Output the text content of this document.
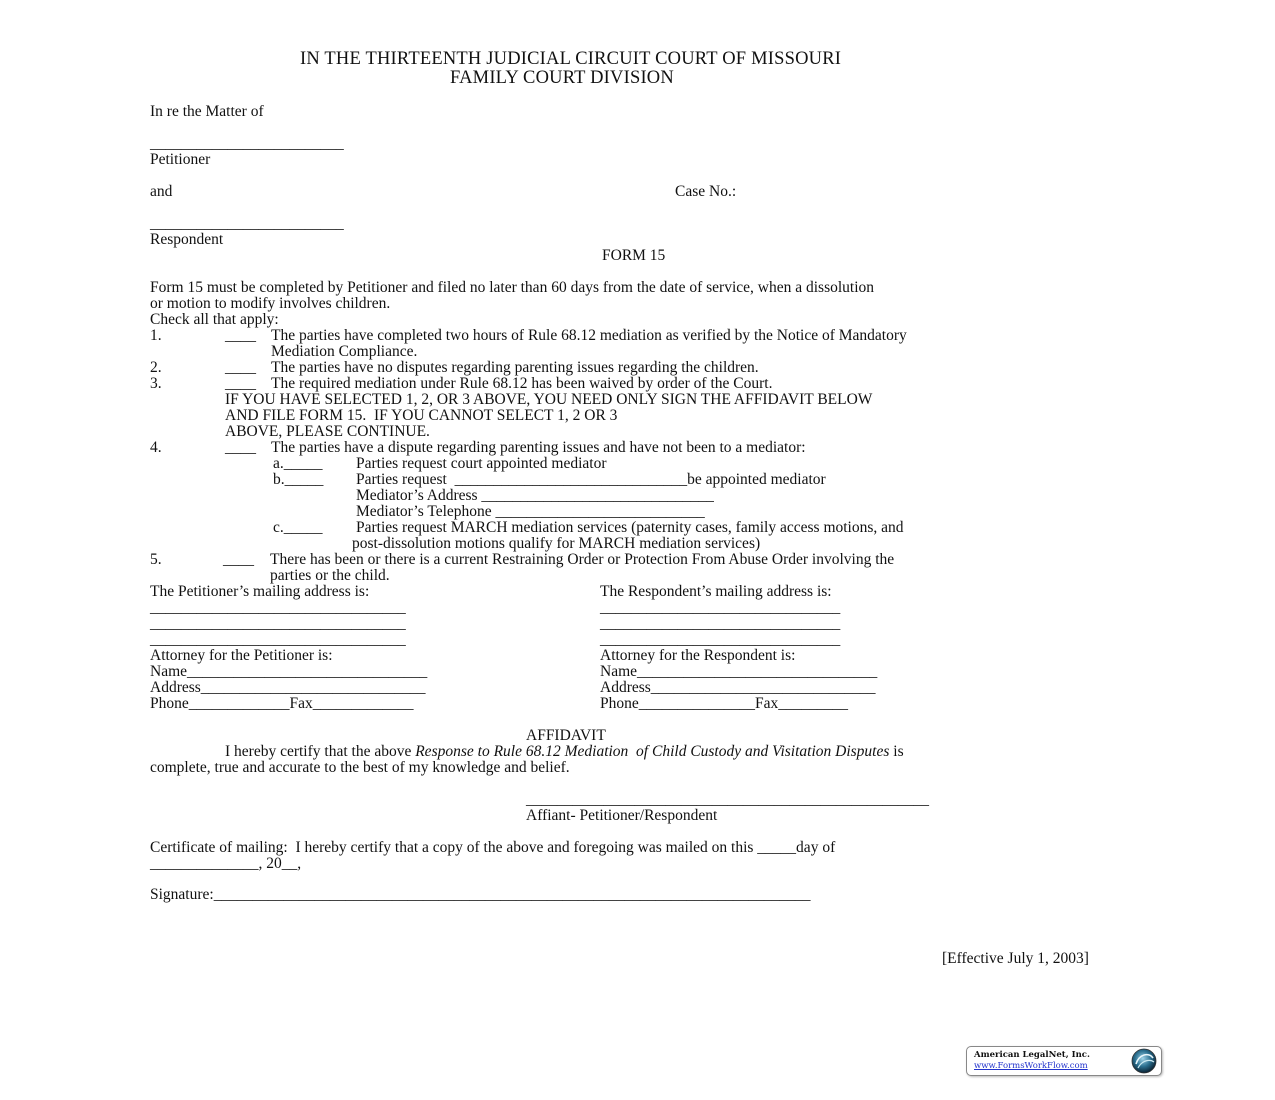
IN THE THIRTEENTH JUDICIAL CIRCUIT COURT OF MISSOURI
FAMILY COURT DIVISION
In re the Matter of
_________________________
Petitioner
and	Case No.:
_________________________
Respondent
FORM 15
Form 15 must be completed by Petitioner and filed no later than 60 days from the date of service, when a dissolution
or motion to modify involves children.
Check all that apply:
1.	____ The parties have completed two hours of Rule 68.12 mediation as verified by the Notice of Mandatory
Mediation Compliance.
2.	____ The parties have no disputes regarding parenting issues regarding the children.
3.	____ The required mediation under Rule 68.12 has been waived by order of the Court.
IF YOU HAVE SELECTED 1, 2, OR 3 ABOVE, YOU NEED ONLY SIGN THE AFFIDAVIT BELOW
AND FILE FORM 15.  IF YOU CANNOT SELECT 1, 2 OR 3
ABOVE, PLEASE CONTINUE.
4.	____ The parties have a dispute regarding parenting issues and have not been to a mediator:
a._____ Parties request court appointed mediator
b._____ Parties request  ______________________________be appointed mediator
Mediator’s Address ______________________________
Mediator’s Telephone ___________________________
c._____ Parties request MARCH mediation services (paternity cases, family access motions, and
post-dissolution motions qualify for MARCH mediation services)
5.	____ There has been or there is a current Restraining Order or Protection From Abuse Order involving the
parties or the child.
The Petitioner’s mailing address is:
_________________________________
_________________________________
_________________________________
The Respondent’s mailing address is:
_______________________________
_______________________________
_______________________________
Attorney for the Petitioner is:
Name_______________________________
Address_____________________________
Phone_____________Fax_____________
Attorney for the Respondent is:
Name_______________________________
Address_____________________________
Phone_______________Fax_________
AFFIDAVIT
I hereby certify that the above Response to Rule 68.12 Mediation  of Child Custody and Visitation Disputes is
complete, true and accurate to the best of my knowledge and belief.
____________________________________________________
Affiant- Petitioner/Respondent
Certificate of mailing:  I hereby certify that a copy of the above and foregoing was mailed on this _____day of
______________, 20__,
Signature:_____________________________________________________________________________
[Effective July 1, 2003]
American LegalNet, Inc.
www.FormsWorkFlow.com
